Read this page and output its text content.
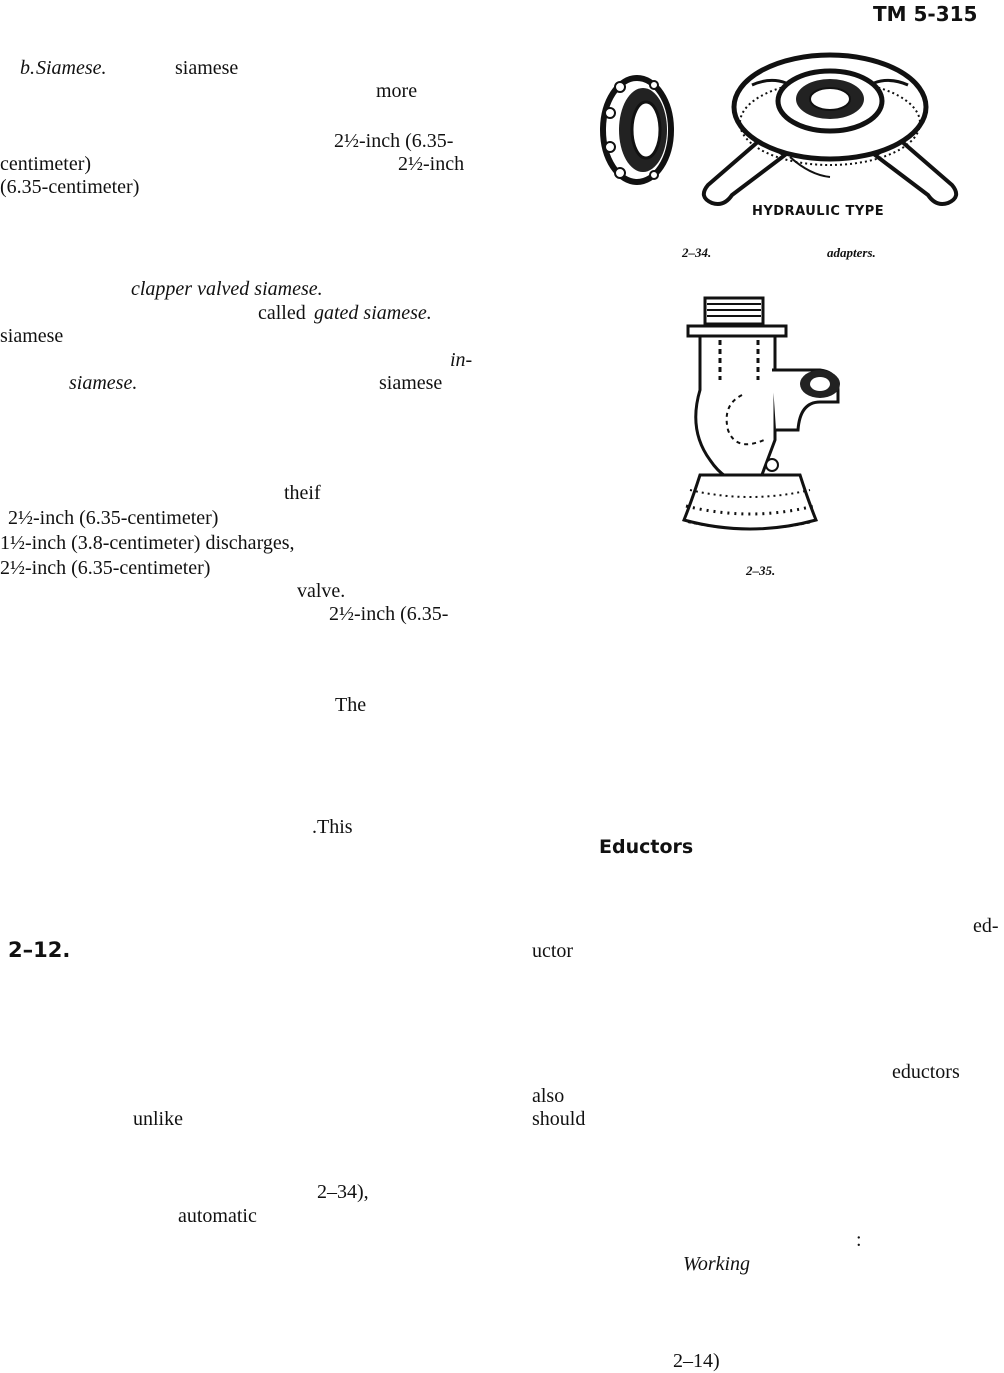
TM 5-315
b. Siamese.	siamese
more
2½-inch (6.35-
centimeter)	2½-inch
(6.35-centimeter)
clapper valved siamese.
called gated siamese.
siamese
in-
siamese.	siamese
theif
2½-inch (6.35-centimeter)
1½-inch (3.8-centimeter) discharges,
2½-inch (6.35-centimeter)
valve.
2½-inch (6.35-
The
.This
2–12.
unlike
2–34),
automatic
HYDRAULIC TYPE
2–34.	adapters.
2–35.
Eductors
ed-
uctor
eductors
also
should
:
Working
2–14)
